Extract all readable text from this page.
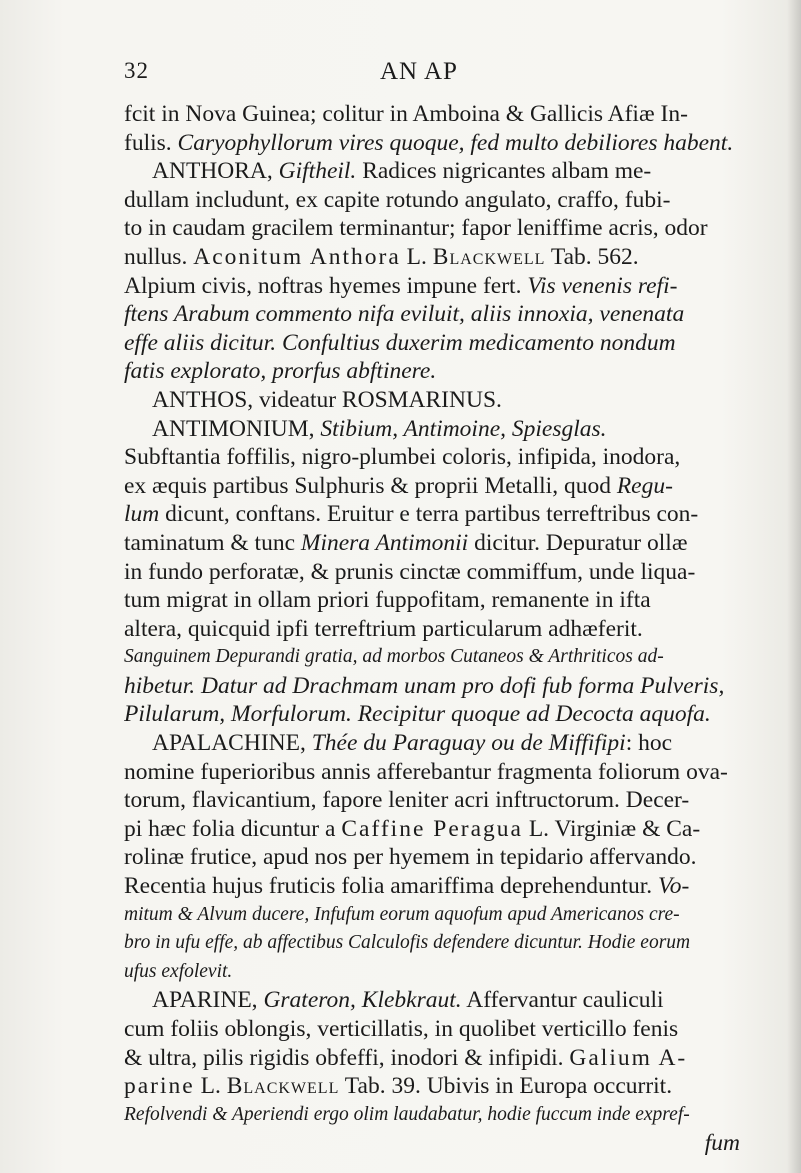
32	AN AP
fcit in Nova Guinea; colitur in Amboina & Gallicis Afiæ In-
fulis. Caryophyllorum vires quoque, fed multo debiliores habent.
ANTHORA, Giftheil. Radices nigricantes albam me-
dullam includunt, ex capite rotundo angulato, craffo, fubi-
to in caudam gracilem terminantur; fapor leniffime acris, odor
nullus. Aconitum Anthora L. Blackwell Tab. 562.
Alpium civis, noftras hyemes impune fert. Vis venenis refi-
ftens Arabum commento nifa eviluit, aliis innoxia, venenata
effe aliis dicitur. Confultius duxerim medicamento nondum
fatis explorato, prorfus abftinere.
ANTHOS, videatur ROSMARINUS.
ANTIMONIUM, Stibium, Antimoine, Spiesglas.
Subftantia foffilis, nigro-plumbei coloris, infipida, inodora,
ex æquis partibus Sulphuris & proprii Metalli, quod Regu-
lum dicunt, conftans. Eruitur e terra partibus terreftribus con-
taminatum & tunc Minera Antimonii dicitur. Depuratur ollæ
in fundo perforatæ, & prunis cinctæ commiffum, unde liqua-
tum migrat in ollam priori fuppofitam, remanente in ifta
altera, quicquid ipfi terreftrium particularum adhæferit.
Sanguinem Depurandi gratia, ad morbos Cutaneos & Arthriticos ad-
hibetur. Datur ad Drachmam unam pro dofi fub forma Pulveris,
Pilularum, Morfulorum. Recipitur quoque ad Decocta aquofa.
APALACHINE, Thée du Paraguay ou de Miffifipi: hoc
nomine fuperioribus annis afferebantur fragmenta foliorum ova-
torum, flavicantium, fapore leniter acri inftructorum. Decer-
pi hæc folia dicuntur a Caffine Peragua L. Virginiæ & Ca-
rolinæ frutice, apud nos per hyemem in tepidario affervando.
Recentia hujus fruticis folia amariffima deprehenduntur. Vo-
mitum & Alvum ducere, Infufum eorum aquofum apud Americanos cre-
bro in ufu effe, ab affectibus Calculofis defendere dicuntur. Hodie eorum
ufus exfolevit.
APARINE, Grateron, Klebkraut. Affervantur cauliculi
cum foliis oblongis, verticillatis, in quolibet verticillo fenis
& ultra, pilis rigidis obfeffi, inodori & infipidi. Galium A-
parine L. Blackwell Tab. 39. Ubivis in Europa occurrit.
Refolvendi & Aperiendi ergo olim laudabatur, hodie fuccum inde expref-
fum
